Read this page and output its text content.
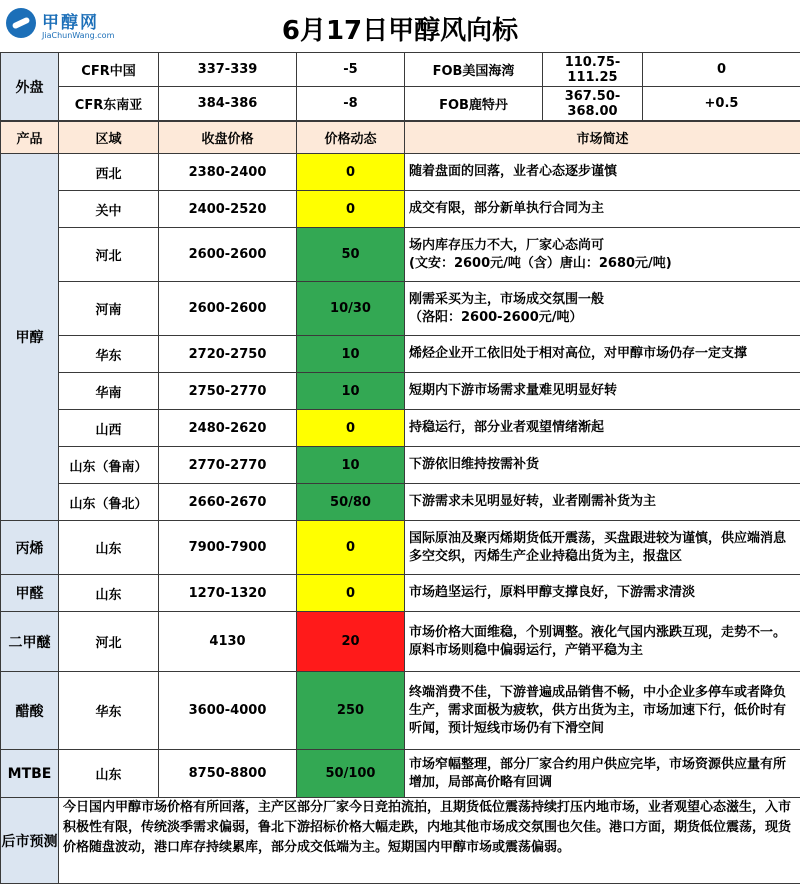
甲醇网
JiaChunWang.com	6月17日甲醇风向标
外盘	CFR中国	337-339	-5	FOB美国海湾	110.75-111.25	0
	CFR东南亚	384-386	-8	FOB鹿特丹	367.50-368.00	+0.5
产品	区域	收盘价格	价格动态	市场简述
甲醇	西北	2380-2400	0	随着盘面的回落，业者心态逐步谨慎
	关中	2400-2520	0	成交有限，部分新单执行合同为主
	河北	2600-2600	50	场内库存压力不大，厂家心态尚可
(文安：2600元/吨（含）唐山：2680元/吨)
	河南	2600-2600	10/30	刚需采买为主，市场成交氛围一般
（洛阳：2600-2600元/吨）
	华东	2720-2750	10	烯烃企业开工依旧处于相对高位，对甲醇市场仍存一定支撑
	华南	2750-2770	10	短期内下游市场需求量难见明显好转
	山西	2480-2620	0	持稳运行，部分业者观望情绪渐起
	山东（鲁南）	2770-2770	10	下游依旧维持按需补货
	山东（鲁北）	2660-2670	50/80	下游需求未见明显好转，业者刚需补货为主
丙烯	山东	7900-7900	0	国际原油及聚丙烯期货低开震荡，买盘跟进较为谨慎，供应端消息多空交织，丙烯生产企业持稳出货为主，报盘区
甲醛	山东	1270-1320	0	市场趋坚运行，原料甲醇支撑良好，下游需求清淡
二甲醚	河北	4130	20	市场价格大面维稳，个别调整。液化气国内涨跌互现，走势不一。原料市场则稳中偏弱运行，产销平稳为主
醋酸	华东	3600-4000	250	终端消费不佳，下游普遍成品销售不畅，中小企业多停车或者降负生产，需求面极为疲软，供方出货为主，市场加速下行，低价时有听闻，预计短线市场仍有下滑空间
MTBE	山东	8750-8800	50/100	市场窄幅整理，部分厂家合约用户供应完毕，市场资源供应量有所增加，局部高价略有回调
后市预测	今日国内甲醇市场价格有所回落，主产区部分厂家今日竞拍流拍，且期货低位震荡持续打压内地市场，业者观望心态滋生，入市积极性有限，传统淡季需求偏弱，鲁北下游招标价格大幅走跌，内地其他市场成交氛围也欠佳。港口方面，期货低位震荡，现货价格随盘波动，港口库存持续累库，部分成交低端为主。短期国内甲醇市场或震荡偏弱。			
